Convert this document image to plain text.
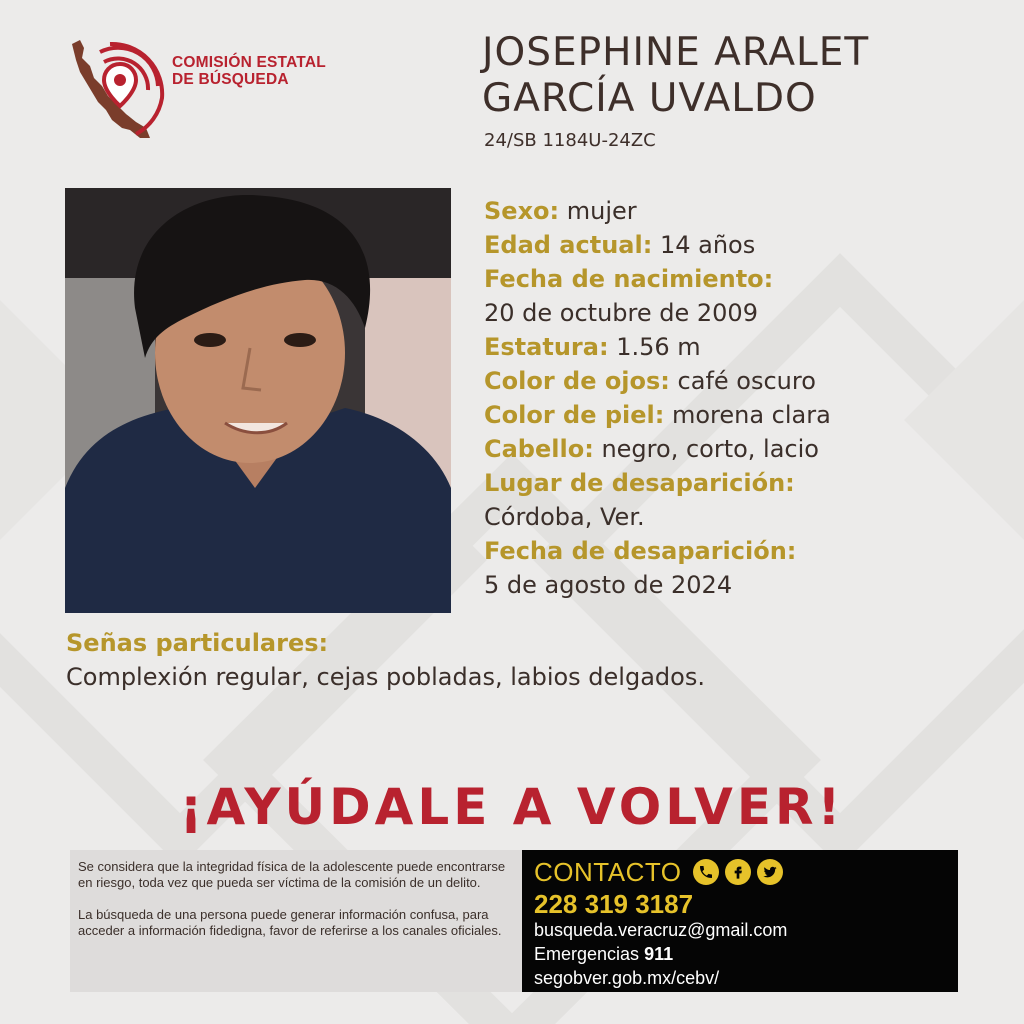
COMISIÓN ESTATAL
DE BÚSQUEDA
JOSEPHINE ARALET
GARCÍA UVALDO
24/SB 1184U-24ZC
Sexo: mujer
Edad actual: 14 años
Fecha de nacimiento:
20 de octubre de 2009
Estatura: 1.56 m
Color de ojos: café oscuro
Color de piel: morena clara
Cabello: negro, corto, lacio
Lugar de desaparición:
Córdoba, Ver.
Fecha de desaparición:
5 de agosto de 2024
Señas particulares:
Complexión regular, cejas pobladas, labios delgados.
¡AYÚDALE A VOLVER!

Se considera que la integridad física de la adolescente puede encontrarse en riesgo, toda vez que pueda ser víctima de la comisión de un delito.

La búsqueda de una persona puede generar información confusa, para acceder a información fidedigna, favor de referirse a los canales oficiales.

CONTACTO
228 319 3187
busqueda.veracruz@gmail.com
Emergencias 911
segobver.gob.mx/cebv/
